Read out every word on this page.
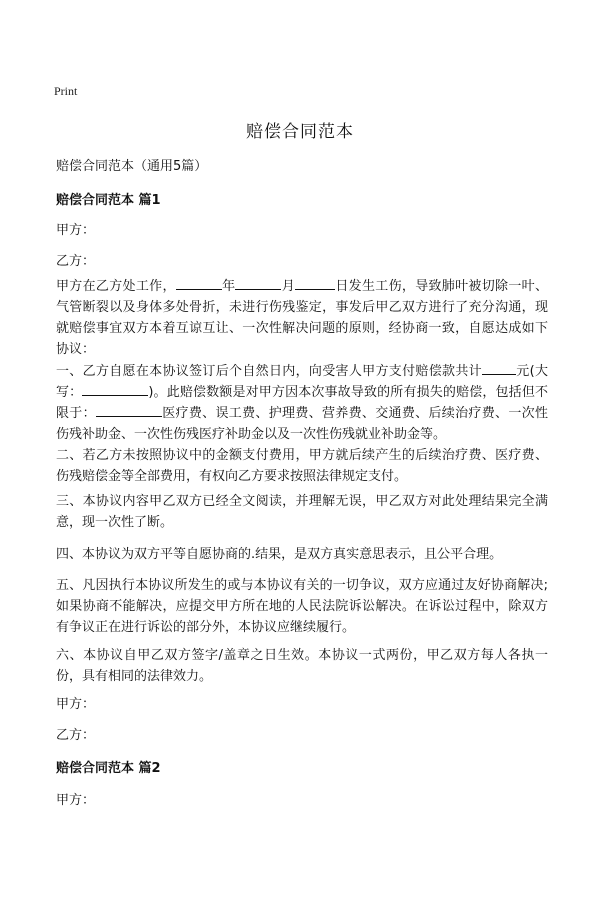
Print
赔偿合同范本
赔偿合同范本（通用5篇）
赔偿合同范本 篇1
甲方：
乙方：

甲方在乙方处工作，	年	月	日发生工伤，导致肺叶被切除一叶、气管断裂以及身体多处骨折，未进行伤残鉴定，事发后甲乙双方进行了充分沟通，现就赔偿事宜双方本着互谅互让、一次性解决问题的原则，经协商一致，自愿达成如下协议：

一、乙方自愿在本协议签订后个自然日内，向受害人甲方支付赔偿款共计	元(大写：	)。此赔偿数额是对甲方因本次事故导致的所有损失的赔偿，包括但不限于：	医疗费、误工费、护理费、营养费、交通费、后续治疗费、一次性伤残补助金、一次性伤残医疗补助金以及一次性伤残就业补助金等。

二、若乙方未按照协议中的金额支付费用，甲方就后续产生的后续治疗费、医疗费、伤残赔偿金等全部费用，有权向乙方要求按照法律规定支付。

三、本协议内容甲乙双方已经全文阅读，并理解无误，甲乙双方对此处理结果完全满意，现一次性了断。

四、本协议为双方平等自愿协商的.结果，是双方真实意思表示，且公平合理。

五、凡因执行本协议所发生的或与本协议有关的一切争议，双方应通过友好协商解决;如果协商不能解决，应提交甲方所在地的人民法院诉讼解决。在诉讼过程中，除双方有争议正在进行诉讼的部分外，本协议应继续履行。

六、本协议自甲乙双方签字/盖章之日生效。本协议一式两份，甲乙双方每人各执一份，具有相同的法律效力。

甲方：
乙方：
赔偿合同范本 篇2
甲方：
